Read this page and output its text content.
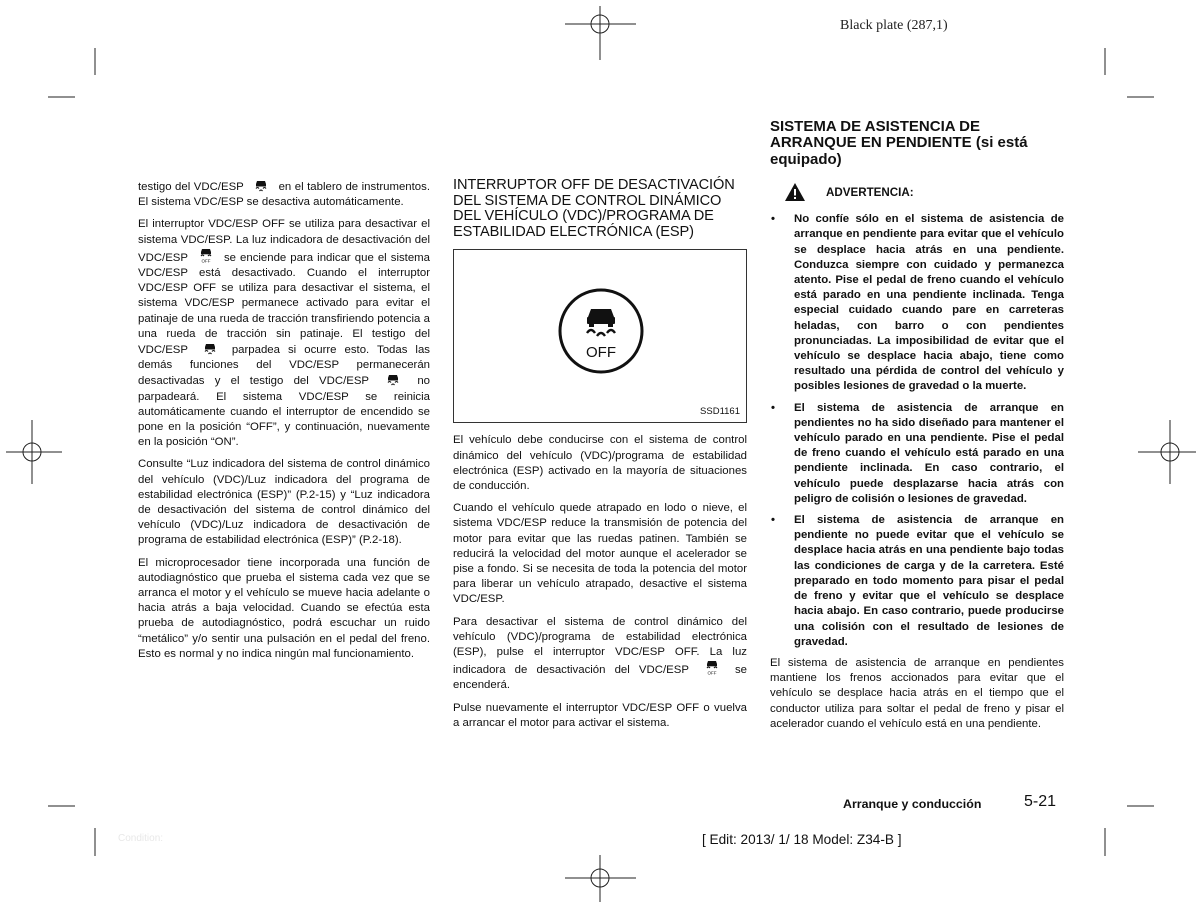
Black plate (287,1)

testigo del VDC/ESP	en el tablero de instrumentos. El sistema VDC/ESP se desactiva automáticamente.

El interruptor VDC/ESP OFF se utiliza para desactivar el sistema VDC/ESP. La luz indicadora de desactivación del VDC/ESP	OFF se enciende para indicar que el sistema VDC/ESP está desactivado. Cuando el interruptor VDC/ESP OFF se utiliza para desactivar el sistema, el sistema VDC/ESP permanece activado para evitar el patinaje de una rueda de tracción transfiriendo potencia a una rueda de tracción sin patinaje. El testigo del VDC/ESP	parpadea si ocurre esto. Todas las demás funciones del VDC/ESP permanecerán desactivadas y el testigo del VDC/ESP	no parpadeará. El sistema VDC/ESP se reinicia automáticamente cuando el interruptor de encendido se pone en la posición “OFF”, y continuación, nuevamente en la posición “ON”.

Consulte “Luz indicadora del sistema de control dinámico del vehículo (VDC)/Luz indicadora del programa de estabilidad electrónica (ESP)” (P.2-15) y “Luz indicadora de desactivación del sistema de control dinámico del vehículo (VDC)/Luz indicadora de desactivación de programa de estabilidad electrónica (ESP)” (P.2-18).

El microprocesador tiene incorporada una función de autodiagnóstico que prueba el sistema cada vez que se arranca el motor y el vehículo se mueve hacia adelante o hacia atrás a baja velocidad. Cuando se efectúa esta prueba de autodiagnóstico, podrá escuchar un ruido “metálico” y/o sentir una pulsación en el pedal del freno. Esto es normal y no indica ningún mal funcionamiento.

INTERRUPTOR OFF DE DESACTIVACIÓN DEL SISTEMA DE CONTROL DINÁMICO DEL VEHÍCULO (VDC)/PROGRAMA DE ESTABILIDAD ELECTRÓNICA (ESP)
OFF
SSD1161

El vehículo debe conducirse con el sistema de control dinámico del vehículo (VDC)/programa de estabilidad electrónica (ESP) activado en la mayoría de situaciones de conducción.

Cuando el vehículo quede atrapado en lodo o nieve, el sistema VDC/ESP reduce la transmisión de potencia del motor para evitar que las ruedas patinen. También se reducirá la velocidad del motor aunque el acelerador se pise a fondo. Si se necesita de toda la potencia del motor para liberar un vehículo atrapado, desactive el sistema VDC/ESP.

Para desactivar el sistema de control dinámico del vehículo (VDC)/programa de estabilidad electrónica (ESP), pulse el interruptor VDC/ESP OFF. La luz indicadora de desactivación del VDC/ESP	OFF se encenderá.

Pulse nuevamente el interruptor VDC/ESP OFF o vuelva a arrancar el motor para activar el sistema.

SISTEMA DE ASISTENCIA DE ARRANQUE EN PENDIENTE (si está equipado)
ADVERTENCIA:
• No confíe sólo en el sistema de asistencia de arranque en pendiente para evitar que el vehículo se desplace hacia atrás en una pendiente. Conduzca siempre con cuidado y permanezca atento. Pise el pedal de freno cuando el vehículo está parado en una pendiente inclinada. Tenga especial cuidado cuando pare en carreteras heladas, con barro o con pendientes pronunciadas. La imposibilidad de evitar que el vehículo se desplace hacia abajo, tiene como resultado una pérdida de control del vehículo y posibles lesiones de gravedad o la muerte.
• El sistema de asistencia de arranque en pendientes no ha sido diseñado para mantener el vehículo parado en una pendiente. Pise el pedal de freno cuando el vehículo está parado en una pendiente inclinada. En caso contrario, el vehículo puede desplazarse hacia atrás con peligro de colisión o lesiones de gravedad.
• El sistema de asistencia de arranque en pendiente no puede evitar que el vehículo se desplace hacia atrás en una pendiente bajo todas las condiciones de carga y de la carretera. Esté preparado en todo momento para pisar el pedal de freno y evitar que el vehículo se desplace hacia abajo. En caso contrario, puede producirse una colisión con el resultado de lesiones de gravedad.

El sistema de asistencia de arranque en pendientes mantiene los frenos accionados para evitar que el vehículo se desplace hacia atrás en el tiempo que el conductor utiliza para soltar el pedal de freno y pisar el acelerador cuando el vehículo está en una pendiente.

Arranque y conducción	5-21
[ Edit: 2013/ 1/ 18 Model: Z34-B ]
Condition:
